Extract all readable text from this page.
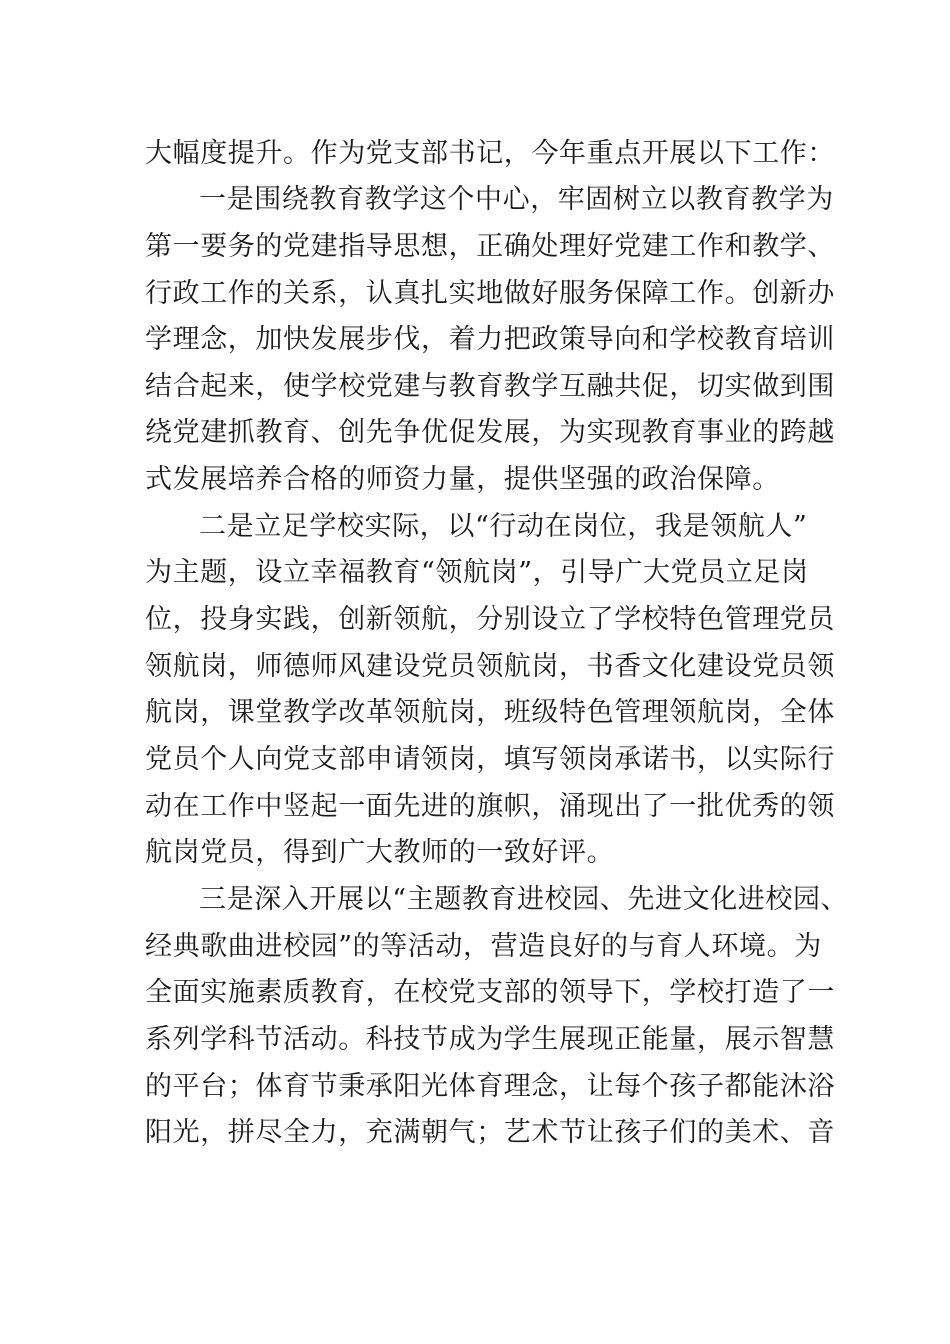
大幅度提升。作为党支部书记，今年重点开展以下工作：
一是围绕教育教学这个中心，牢固树立以教育教学为
第一要务的党建指导思想，正确处理好党建工作和教学、
行政工作的关系，认真扎实地做好服务保障工作。创新办
学理念，加快发展步伐，着力把政策导向和学校教育培训
结合起来，使学校党建与教育教学互融共促，切实做到围
绕党建抓教育、创先争优促发展，为实现教育事业的跨越
式发展培养合格的师资力量，提供坚强的政治保障。
二是立足学校实际，以“行动在岗位，我是领航人”
为主题，设立幸福教育“领航岗”，引导广大党员立足岗
位，投身实践，创新领航，分别设立了学校特色管理党员
领航岗，师德师风建设党员领航岗，书香文化建设党员领
航岗，课堂教学改革领航岗，班级特色管理领航岗，全体
党员个人向党支部申请领岗，填写领岗承诺书，以实际行
动在工作中竖起一面先进的旗帜，涌现出了一批优秀的领
航岗党员，得到广大教师的一致好评。
三是深入开展以“主题教育进校园、先进文化进校园、
经典歌曲进校园”的等活动，营造良好的与育人环境。为
全面实施素质教育，在校党支部的领导下，学校打造了一
系列学科节活动。科技节成为学生展现正能量，展示智慧
的平台；体育节秉承阳光体育理念，让每个孩子都能沐浴
阳光，拼尽全力，充满朝气；艺术节让孩子们的美术、音
